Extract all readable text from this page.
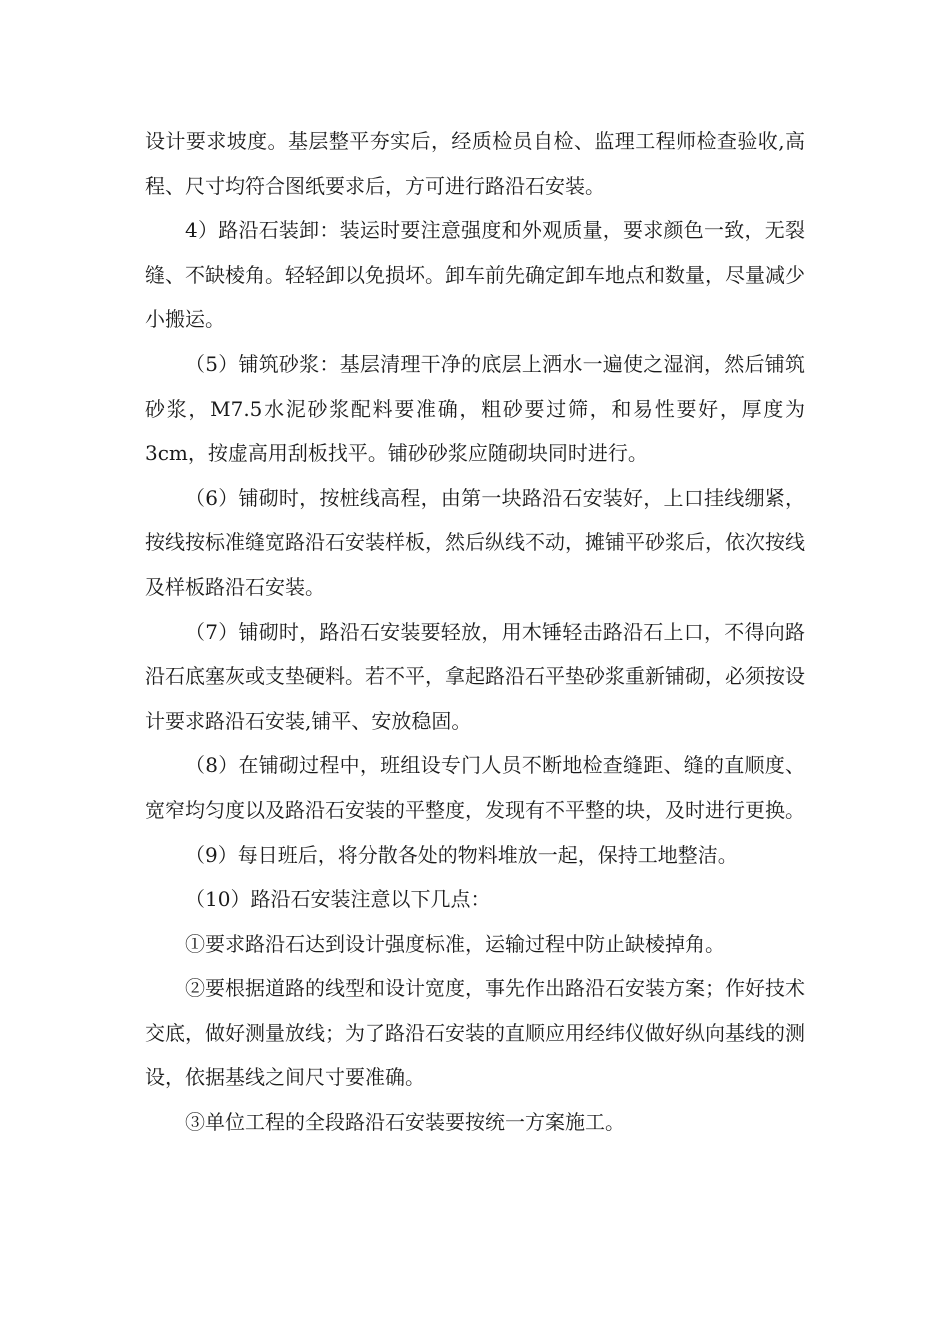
设计要求坡度。基层整平夯实后，经质检员自检、监理工程师检查验收,高程、尺寸均符合图纸要求后，方可进行路沿石安装。

4）路沿石装卸：装运时要注意强度和外观质量，要求颜色一致，无裂缝、不缺棱角。轻轻卸以免损坏。卸车前先确定卸车地点和数量，尽量减少小搬运。

（5）铺筑砂浆：基层清理干净的底层上洒水一遍使之湿润，然后铺筑砂浆，M7.5水泥砂浆配料要准确，粗砂要过筛，和易性要好，厚度为3cm，按虚高用刮板找平。铺砂砂浆应随砌块同时进行。

（6）铺砌时，按桩线高程，由第一块路沿石安装好，上口挂线绷紧，按线按标准缝宽路沿石安装样板，然后纵线不动，摊铺平砂浆后，依次按线及样板路沿石安装。

（7）铺砌时，路沿石安装要轻放，用木锤轻击路沿石上口，不得向路沿石底塞灰或支垫硬料。若不平，拿起路沿石平垫砂浆重新铺砌，必须按设计要求路沿石安装,铺平、安放稳固。

（8）在铺砌过程中，班组设专门人员不断地检查缝距、缝的直顺度、宽窄均匀度以及路沿石安装的平整度，发现有不平整的块，及时进行更换。

（9）每日班后，将分散各处的物料堆放一起，保持工地整洁。

（10）路沿石安装注意以下几点：

①要求路沿石达到设计强度标准，运输过程中防止缺棱掉角。

②要根据道路的线型和设计宽度，事先作出路沿石安装方案；作好技术交底，做好测量放线；为了路沿石安装的直顺应用经纬仪做好纵向基线的测设，依据基线之间尺寸要准确。

③单位工程的全段路沿石安装要按统一方案施工。
